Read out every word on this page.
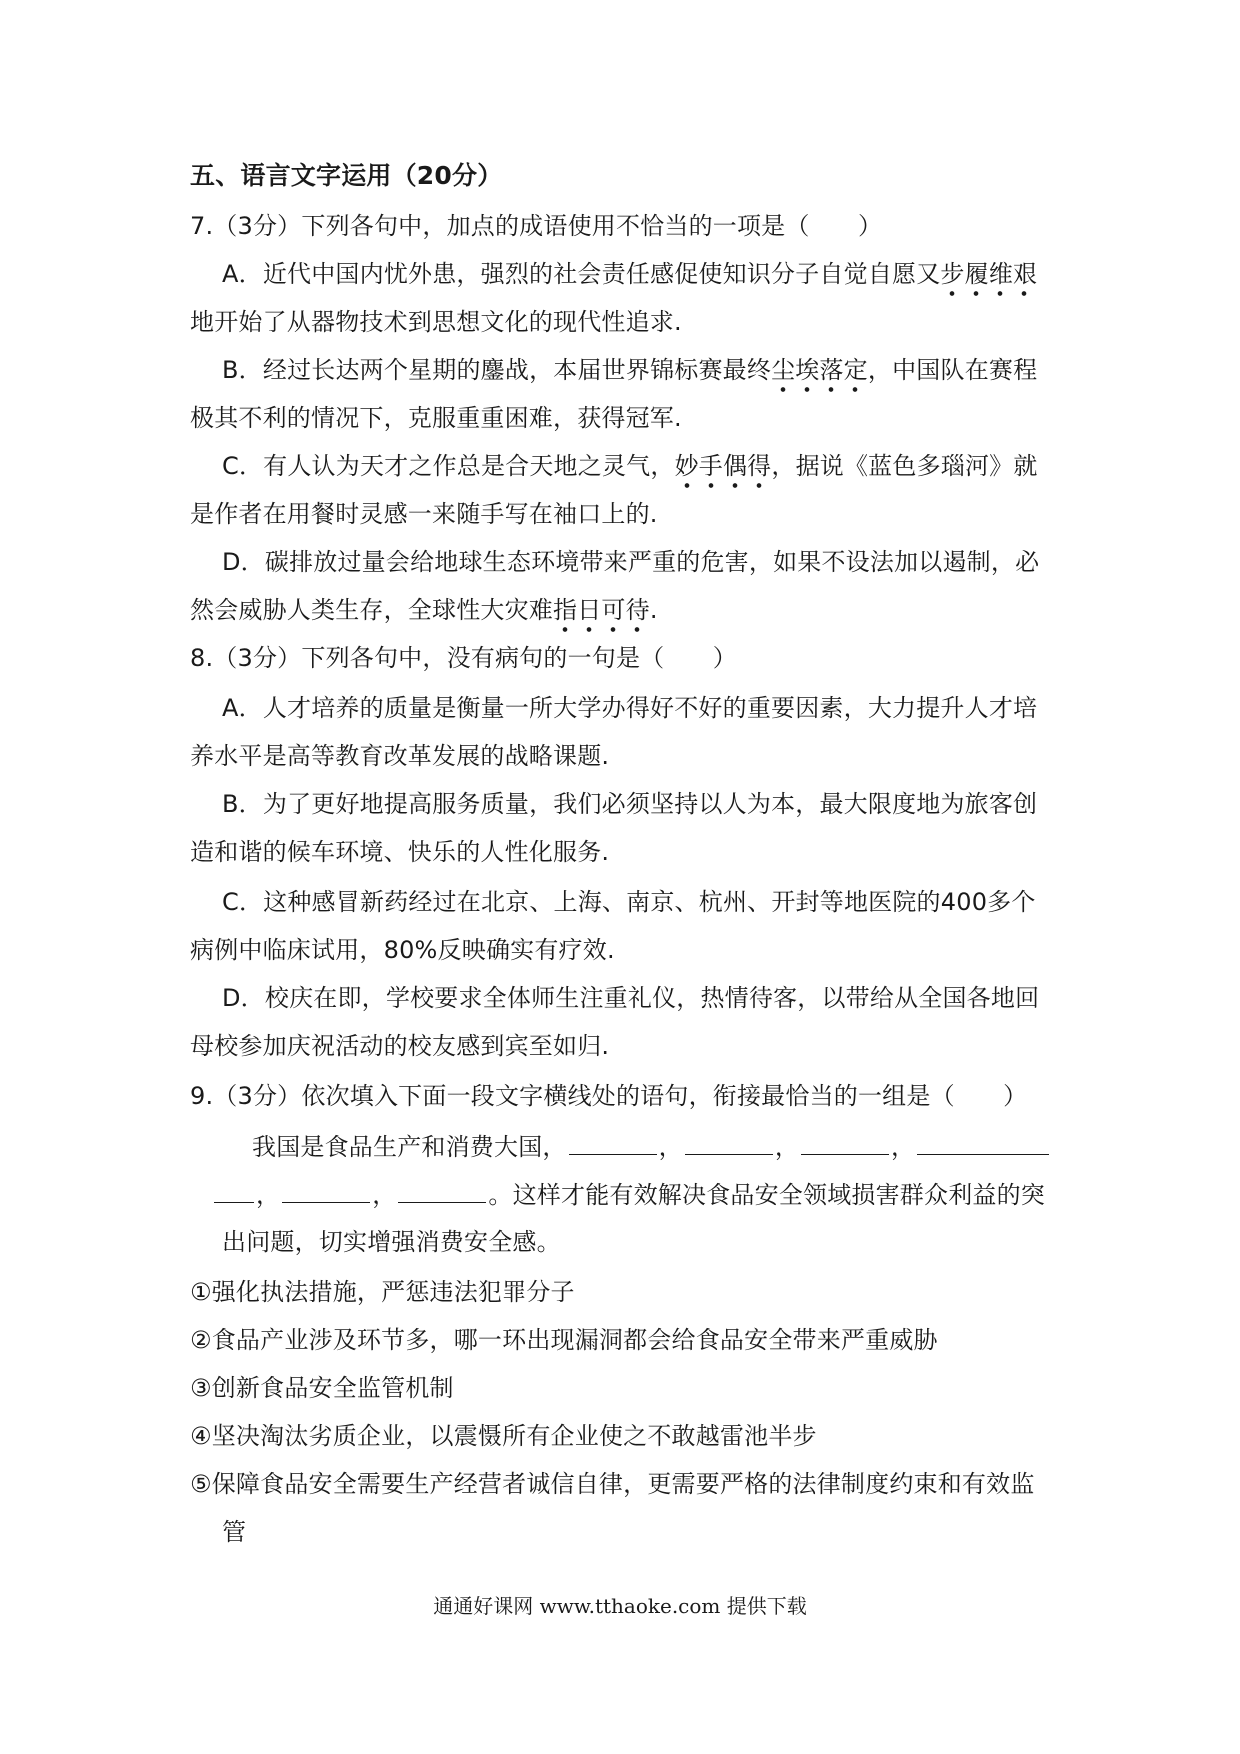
五、语言文字运用（20分）
7.（3分）下列各句中，加点的成语使用不恰当的一项是（　　）
A．近代中国内忧外患，强烈的社会责任感促使知识分子自觉自愿又步履维艰
地开始了从器物技术到思想文化的现代性追求.
B．经过长达两个星期的鏖战，本届世界锦标赛最终尘埃落定，中国队在赛程
极其不利的情况下，克服重重困难，获得冠军.
C．有人认为天才之作总是合天地之灵气，妙手偶得，据说《蓝色多瑙河》就
是作者在用餐时灵感一来随手写在袖口上的.
D．碳排放过量会给地球生态环境带来严重的危害，如果不设法加以遏制，必
然会威胁人类生存，全球性大灾难指日可待.
8.（3分）下列各句中，没有病句的一句是（　　）
A．人才培养的质量是衡量一所大学办得好不好的重要因素，大力提升人才培
养水平是高等教育改革发展的战略课题.
B．为了更好地提高服务质量，我们必须坚持以人为本，最大限度地为旅客创
造和谐的候车环境、快乐的人性化服务.
C．这种感冒新药经过在北京、上海、南京、杭州、开封等地医院的400多个
病例中临床试用，80%反映确实有疗效.
D．校庆在即，学校要求全体师生注重礼仪，热情待客，以带给从全国各地回
母校参加庆祝活动的校友感到宾至如归.
9.（3分）依次填入下面一段文字横线处的语句，衔接最恰当的一组是（　　）
我国是食品生产和消费大国，	，	，	，
，	，	。这样才能有效解决食品安全领域损害群众利益的突
出问题，切实增强消费安全感。
①强化执法措施，严惩违法犯罪分子
②食品产业涉及环节多，哪一环出现漏洞都会给食品安全带来严重威胁
③创新食品安全监管机制
④坚决淘汰劣质企业，以震慑所有企业使之不敢越雷池半步
⑤保障食品安全需要生产经营者诚信自律，更需要严格的法律制度约束和有效监
管
通通好课网 www.tthaoke.com 提供下载
